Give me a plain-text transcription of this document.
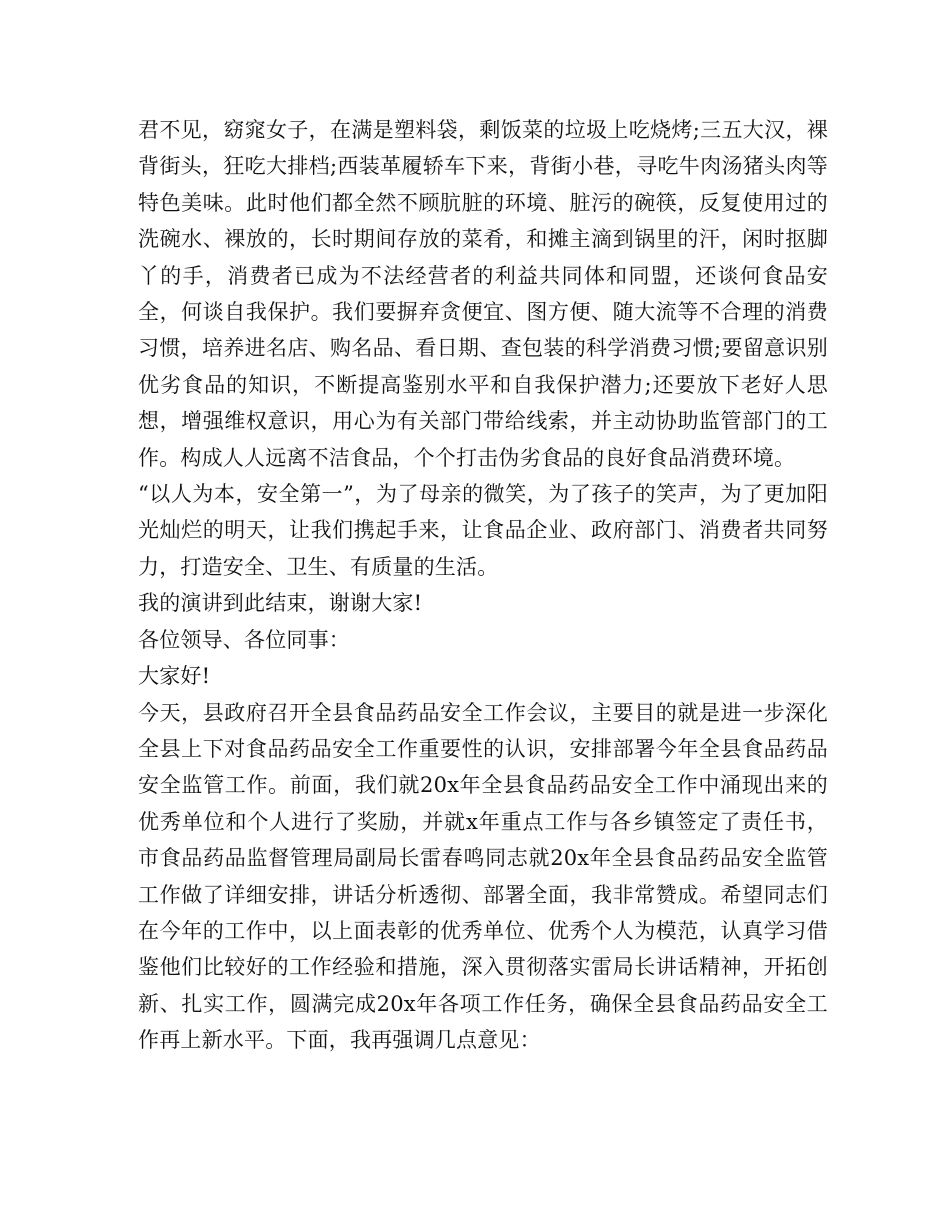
君不见，窈窕女子，在满是塑料袋，剩饭菜的垃圾上吃烧烤;三五大汉，裸背街头，狂吃大排档;西装革履轿车下来，背街小巷，寻吃牛肉汤猪头肉等特色美味。此时他们都全然不顾肮脏的环境、脏污的碗筷，反复使用过的洗碗水、裸放的，长时期间存放的菜肴，和摊主滴到锅里的汗，闲时抠脚丫的手，消费者已成为不法经营者的利益共同体和同盟，还谈何食品安全，何谈自我保护。我们要摒弃贪便宜、图方便、随大流等不合理的消费习惯，培养进名店、购名品、看日期、查包装的科学消费习惯;要留意识别优劣食品的知识，不断提高鉴别水平和自我保护潜力;还要放下老好人思想，增强维权意识，用心为有关部门带给线索，并主动协助监管部门的工作。构成人人远离不洁食品，个个打击伪劣食品的良好食品消费环境。

“以人为本，安全第一”，为了母亲的微笑，为了孩子的笑声，为了更加阳光灿烂的明天，让我们携起手来，让食品企业、政府部门、消费者共同努力，打造安全、卫生、有质量的生活。

我的演讲到此结束，谢谢大家!

各位领导、各位同事：

大家好!

今天，县政府召开全县食品药品安全工作会议，主要目的就是进一步深化全县上下对食品药品安全工作重要性的认识，安排部署今年全县食品药品安全监管工作。前面，我们就20x年全县食品药品安全工作中涌现出来的优秀单位和个人进行了奖励，并就x年重点工作与各乡镇签定了责任书，市食品药品监督管理局副局长雷春鸣同志就20x年全县食品药品安全监管工作做了详细安排，讲话分析透彻、部署全面，我非常赞成。希望同志们在今年的工作中，以上面表彰的优秀单位、优秀个人为模范，认真学习借鉴他们比较好的工作经验和措施，深入贯彻落实雷局长讲话精神，开拓创新、扎实工作，圆满完成20x年各项工作任务，确保全县食品药品安全工作再上新水平。下面，我再强调几点意见：
